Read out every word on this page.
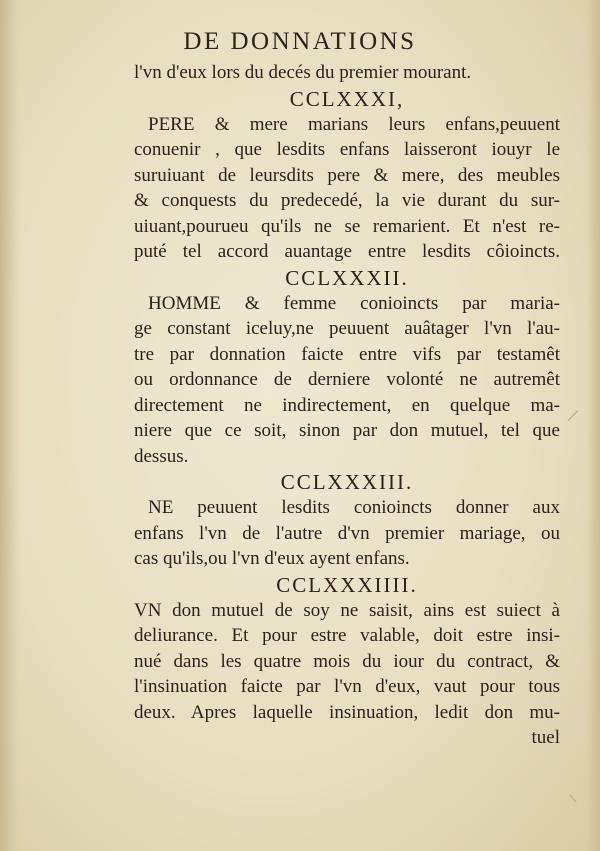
DE DONNATIONS
l'vn d'eux lors du decés du premier mourant.
CCLXXXI,
PERE & mere marians leurs enfans,peuuent
conuenir , que lesdits enfans laisseront iouyr le
suruiuant de leursdits pere & mere, des meubles
& conquests du predecedé, la vie durant du sur-
uiuant,pourueu qu'ils ne se remarient. Et n'est re-
puté tel accord auantage entre lesdits côioincts.
CCLXXXII.
HOMME & femme conioincts par maria-
ge constant iceluy,ne peuuent auâtager l'vn l'au-
tre par donnation faicte entre vifs par testamêt
ou ordonnance de derniere volonté ne autremêt
directement ne indirectement, en quelque ma-
niere que ce soit, sinon par don mutuel, tel que
dessus.
CCLXXXIII.
NE peuuent lesdits conioincts donner aux
enfans l'vn de l'autre d'vn premier mariage, ou
cas qu'ils,ou l'vn d'eux ayent enfans.
CCLXXXIIII.
VN don mutuel de soy ne saisit, ains est suiect à
deliurance. Et pour estre valable, doit estre insi-
nué dans les quatre mois du iour du contract, &
l'insinuation faicte par l'vn d'eux, vaut pour tous
deux. Apres laquelle insinuation, ledit don mu-
tuel
